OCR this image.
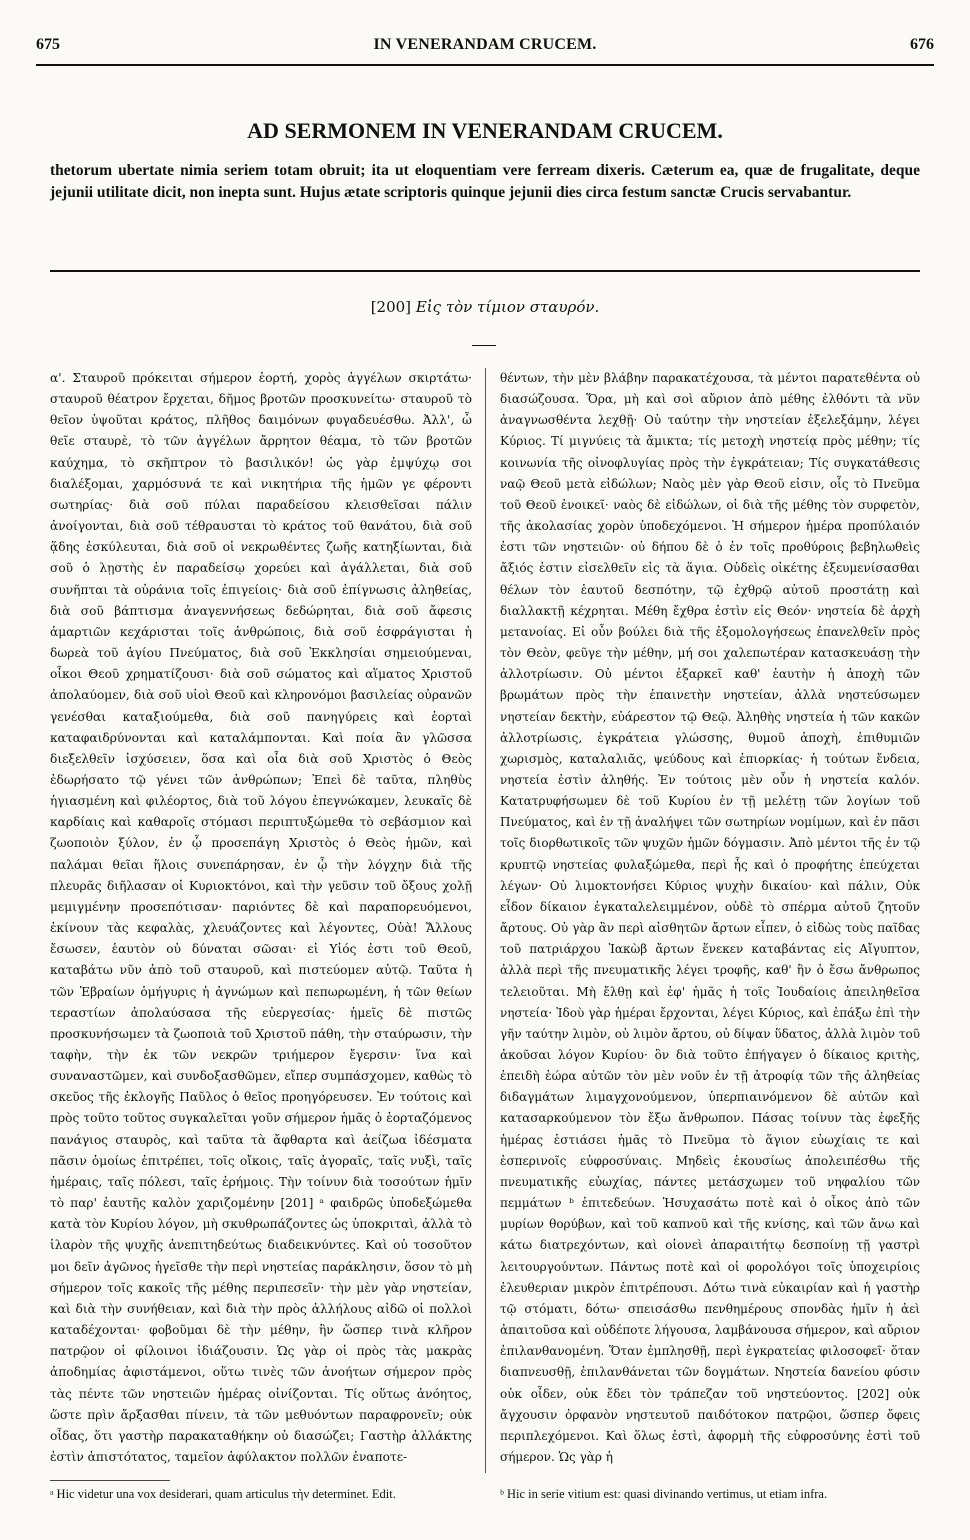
675	IN VENERANDAM CRUCEM.	676
AD SERMONEM IN VENERANDAM CRUCEM.
thetorum ubertate nimia seriem totam obruit; ita ut eloquentiam vere ferream dixeris. Cæterum ea, quæ de frugalitate, deque jejunii utilitate dicit, non inepta sunt. Hujus ætate scriptoris quinque jejunii dies circa festum sanctæ Crucis servabantur.
[200] Εἰς τὸν τίμιον σταυρόν.

α'. Σταυροῦ πρόκειται σήμερον ἑορτή, χορὸς ἀγγέλων σκιρτάτω· σταυροῦ θέατρον ἔρχεται, δῆμος βροτῶν προσκυνείτω· σταυροῦ τὸ θεῖον ὑψοῦται κράτος, πλῆθος δαιμόνων φυγαδευέσθω. Ἀλλ', ὦ θεῖε σταυρὲ, τὸ τῶν ἀγγέλων ἄρρητον θέαμα, τὸ τῶν βροτῶν καύχημα, τὸ σκῆπτρον τὸ βασιλικόν! ὡς γὰρ ἐμψύχῳ σοι διαλέξομαι, χαρμόσυνά τε καὶ νικητήρια τῆς ἡμῶν γε φέροντι σωτηρίας· διὰ σοῦ πύλαι παραδείσου κλεισθεῖσαι πάλιν ἀνοίγονται, διὰ σοῦ τέθραυσται τὸ κράτος τοῦ θανάτου, διὰ σοῦ ᾅδης ἐσκύλευται, διὰ σοῦ οἱ νεκρωθέντες ζωῆς κατηξίωνται, διὰ σοῦ ὁ λῃστὴς ἐν παραδείσῳ χορεύει καὶ ἀγάλλεται, διὰ σοῦ συνῆπται τὰ οὐράνια τοῖς ἐπιγείοις· διὰ σοῦ ἐπίγνωσις ἀληθείας, διὰ σοῦ βάπτισμα ἀναγεννήσεως δεδώρηται, διὰ σοῦ ἄφεσις ἁμαρτιῶν κεχάρισται τοῖς ἀνθρώποις, διὰ σοῦ ἐσφράγισται ἡ δωρεὰ τοῦ ἁγίου Πνεύματος, διὰ σοῦ Ἐκκλησίαι σημειούμεναι, οἶκοι Θεοῦ χρηματίζουσι· διὰ σοῦ σώματος καὶ αἵματος Χριστοῦ ἀπολαύομεν, διὰ σοῦ υἱοὶ Θεοῦ καὶ κληρονόμοι βασιλείας οὐρανῶν γενέσθαι καταξιούμεθα, διὰ σοῦ πανηγύρεις καὶ ἑορταὶ καταφαιδρύνονται καὶ καταλάμπονται. Καὶ ποία ἂν γλῶσσα διεξελθεῖν ἰσχύσειεν, ὅσα καὶ οἷα διὰ σοῦ Χριστὸς ὁ Θεὸς ἐδωρήσατο τῷ γένει τῶν ἀνθρώπων; Ἐπεὶ δὲ ταῦτα, πληθὺς ἡγιασμένη καὶ φιλέορτος, διὰ τοῦ λόγου ἐπεγνώκαμεν, λευκαῖς δὲ καρδίαις καὶ καθαροῖς στόμασι περιπτυξώμεθα τὸ σεβάσμιον καὶ ζωοποιὸν ξύλον, ἐν ᾧ προσεπάγη Χριστὸς ὁ Θεὸς ἡμῶν, καὶ παλάμαι θεῖαι ἥλοις συνεπάρησαν, ἐν ᾧ τὴν λόγχην διὰ τῆς πλευρᾶς διῆλασαν οἱ Κυριοκτόνοι, καὶ τὴν γεῦσιν τοῦ ὄξους χολῇ μεμιγμένην προσεπότισαν· παριόντες δὲ καὶ παραπορευόμενοι, ἐκίνουν τὰς κεφαλὰς, χλευάζοντες καὶ λέγοντες, Οὐὰ! Ἄλλους ἔσωσεν, ἑαυτὸν οὐ δύναται σῶσαι· εἰ Υἱός ἐστι τοῦ Θεοῦ, καταβάτω νῦν ἀπὸ τοῦ σταυροῦ, καὶ πιστεύομεν αὐτῷ. Ταῦτα ἡ τῶν Ἑβραίων ὁμήγυρις ἡ ἀγνώμων καὶ πεπωρωμένη, ἡ τῶν θείων τεραστίων ἀπολαύσασα τῆς εὐεργεσίας· ἡμεῖς δὲ πιστῶς προσκυνήσωμεν τὰ ζωοποιὰ τοῦ Χριστοῦ πάθη, τὴν σταύρωσιν, τὴν ταφὴν, τὴν ἐκ τῶν νεκρῶν τριήμερον ἔγερσιν· ἵνα καὶ συναναστῶμεν, καὶ συνδοξασθῶμεν, εἴπερ συμπάσχομεν, καθὼς τὸ σκεῦος τῆς ἐκλογῆς Παῦλος ὁ θεῖος προηγόρευσεν. Ἐν τούτοις καὶ πρὸς τοῦτο τοῦτος συγκαλεῖται γοῦν σήμερον ἡμᾶς ὁ ἑορταζόμενος πανάγιος σταυρὸς, καὶ ταῦτα τὰ ἄφθαρτα καὶ ἀείζωα ἰδέσματα πᾶσιν ὁμοίως ἐπιτρέπει, τοῖς οἴκοις, ταῖς ἀγοραῖς, ταῖς νυξὶ, ταῖς ἡμέραις, ταῖς πόλεσι, ταῖς ἐρήμοις. Τὴν τοίνυν διὰ τοσούτων ἡμῖν τὸ παρ' ἑαυτῆς καλὸν χαριζομένην [201] ᵃ φαιδρῶς ὑποδεξώμεθα κατὰ τὸν Κυρίου λόγον, μὴ σκυθρωπάζοντες ὡς ὑποκριταὶ, ἀλλὰ τὸ ἱλαρὸν τῆς ψυχῆς ἀνεπιτηδεύτως διαδεικνύντες. Καὶ οὐ τοσοῦτον μοι δεῖν ἀγῶνος ἡγεῖσθε τὴν περὶ νηστείας παράκλησιν, ὅσον τὸ μὴ σήμερον τοῖς κακοῖς τῆς μέθης περιπεσεῖν· τὴν μὲν γὰρ νηστείαν, καὶ διὰ τὴν συνήθειαν, καὶ διὰ τὴν πρὸς ἀλλήλους αἰδῶ οἱ πολλοὶ καταδέχονται· φοβοῦμαι δὲ τὴν μέθην, ἣν ὥσπερ τινὰ κλῆρον πατρῷον οἱ φίλοινοι ἰδιάζουσιν. Ὡς γὰρ οἱ πρὸς τὰς μακρὰς ἀποδημίας ἀφιστάμενοι, οὕτω τινὲς τῶν ἀνοήτων σήμερον πρὸς τὰς πέντε τῶν νηστειῶν ἡμέρας οἰνίζονται. Τίς οὕτως ἀνόητος, ὥστε πρὶν ἄρξασθαι πίνειν, τὰ τῶν μεθυόντων παραφρονεῖν; οὐκ οἶδας, ὅτι γαστὴρ παρακαταθήκην οὐ διασώζει; Γαστὴρ ἀλλάκτης ἐστὶν ἀπιστότατος, ταμεῖον ἀφύλακτον πολλῶν ἐναποτε-

θέντων, τὴν μὲν βλάβην παρακατέχουσα, τὰ μέντοι παρατεθέντα οὐ διασώζουσα. Ὅρα, μὴ καὶ σοὶ αὔριον ἀπὸ μέθης ἐλθόντι τὰ νῦν ἀναγνωσθέντα λεχθῇ· Οὐ ταύτην τὴν νηστείαν ἐξελεξάμην, λέγει Κύριος. Τί μιγνύεις τὰ ἄμικτα; τίς μετοχὴ νηστείᾳ πρὸς μέθην; τίς κοινωνία τῆς οἰνοφλυγίας πρὸς τὴν ἐγκράτειαν; Τίς συγκατάθεσις ναῷ Θεοῦ μετὰ εἰδώλων; Ναὸς μὲν γὰρ Θεοῦ εἰσιν, οἷς τὸ Πνεῦμα τοῦ Θεοῦ ἐνοικεῖ· ναὸς δὲ εἰδώλων, οἱ διὰ τῆς μέθης τὸν συρφετὸν, τῆς ἀκολασίας χορὸν ὑποδεχόμενοι. Ἡ σήμερον ἡμέρα προπύλαιόν ἐστι τῶν νηστειῶν· οὐ δήπου δὲ ὁ ἐν τοῖς προθύροις βεβηλωθεὶς ἄξιός ἐστιν εἰσελθεῖν εἰς τὰ ἅγια. Οὐδεὶς οἰκέτης ἐξευμενίσασθαι θέλων τὸν ἑαυτοῦ δεσπότην, τῷ ἐχθρῷ αὐτοῦ προστάτῃ καὶ διαλλακτῇ κέχρηται. Μέθη ἔχθρα ἐστὶν εἰς Θεόν· νηστεία δὲ ἀρχὴ μετανοίας. Εἰ οὖν βούλει διὰ τῆς ἐξομολογήσεως ἐπανελθεῖν πρὸς τὸν Θεὸν, φεῦγε τὴν μέθην, μή σοι χαλεπωτέραν κατασκευάσῃ τὴν ἀλλοτρίωσιν. Οὐ μέντοι ἐξαρκεῖ καθ' ἑαυτὴν ἡ ἀποχὴ τῶν βρωμάτων πρὸς τὴν ἐπαινετὴν νηστείαν, ἀλλὰ νηστεύσωμεν νηστείαν δεκτὴν, εὐάρεστον τῷ Θεῷ. Ἀληθὴς νηστεία ἡ τῶν κακῶν ἀλλοτρίωσις, ἐγκράτεια γλώσσης, θυμοῦ ἀποχὴ, ἐπιθυμιῶν χωρισμὸς, καταλαλιᾶς, ψεύδους καὶ ἐπιορκίας· ἡ τούτων ἔνδεια, νηστεία ἐστὶν ἀληθής. Ἐν τούτοις μὲν οὖν ἡ νηστεία καλόν. Κατατρυφήσωμεν δὲ τοῦ Κυρίου ἐν τῇ μελέτῃ τῶν λογίων τοῦ Πνεύματος, καὶ ἐν τῇ ἀναλήψει τῶν σωτηρίων νομίμων, καὶ ἐν πᾶσι τοῖς διορθωτικοῖς τῶν ψυχῶν ἡμῶν δόγμασιν. Ἀπὸ μέντοι τῆς ἐν τῷ κρυπτῷ νηστείας φυλαξώμεθα, περὶ ἧς καὶ ὁ προφήτης ἐπεύχεται λέγων· Οὐ λιμοκτονήσει Κύριος ψυχὴν δικαίου· καὶ πάλιν, Οὐκ εἶδον δίκαιον ἐγκαταλελειμμένον, οὐδὲ τὸ σπέρμα αὐτοῦ ζητοῦν ἄρτους. Οὐ γὰρ ἂν περὶ αἰσθητῶν ἄρτων εἶπεν, ὁ εἰδὼς τοὺς παῖδας τοῦ πατριάρχου Ἰακὼβ ἄρτων ἕνεκεν καταβάντας εἰς Αἴγυπτον, ἀλλὰ περὶ τῆς πνευματικῆς λέγει τροφῆς, καθ' ἣν ὁ ἔσω ἄνθρωπος τελειοῦται. Μὴ ἔλθῃ καὶ ἐφ' ἡμᾶς ἡ τοῖς Ἰουδαίοις ἀπειληθεῖσα νηστεία· Ἰδοὺ γὰρ ἡμέραι ἔρχονται, λέγει Κύριος, καὶ ἐπάξω ἐπὶ τὴν γῆν ταύτην λιμὸν, οὐ λιμὸν ἄρτου, οὐ δίψαν ὕδατος, ἀλλὰ λιμὸν τοῦ ἀκοῦσαι λόγον Κυρίου· ὃν διὰ τοῦτο ἐπήγαγεν ὁ δίκαιος κριτὴς, ἐπειδὴ ἑώρα αὐτῶν τὸν μὲν νοῦν ἐν τῇ ἀτροφίᾳ τῶν τῆς ἀληθείας διδαγμάτων λιμαγχονούμενον, ὑπερπιαινόμενον δὲ αὐτῶν καὶ κατασαρκούμενον τὸν ἔξω ἄνθρωπον. Πάσας τοίνυν τὰς ἐφεξῆς ἡμέρας ἑστιάσει ἡμᾶς τὸ Πνεῦμα τὸ ἅγιον εὐωχίαις τε καὶ ἑσπερινοῖς εὐφροσύναις. Μηδεὶς ἑκουσίως ἀπολειπέσθω τῆς πνευματικῆς εὐωχίας, πάντες μετάσχωμεν τοῦ νηφαλίου τῶν πεμμάτων ᵇ ἐπιτεδεύων. Ἡσυχασάτω ποτὲ καὶ ὁ οἶκος ἀπὸ τῶν μυρίων θορύβων, καὶ τοῦ καπνοῦ καὶ τῆς κνίσης, καὶ τῶν ἄνω καὶ κάτω διατρεχόντων, καὶ οἱονεὶ ἀπαραιτήτῳ δεσποίνῃ τῇ γαστρὶ λειτουργούντων. Πάντως ποτὲ καὶ οἱ φορολόγοι τοῖς ὑποχειρίοις ἐλευθεριαν μικρὸν ἐπιτρέπουσι. Δότω τινὰ εὐκαιρίαν καὶ ἡ γαστὴρ τῷ στόματι, δότω· σπεισάσθω πενθημέρους σπονδὰς ἡμῖν ἡ ἀεὶ ἀπαιτοῦσα καὶ οὐδέποτε λήγουσα, λαμβάνουσα σήμερον, καὶ αὔριον ἐπιλανθανομένη. Ὅταν ἐμπλησθῇ, περὶ ἐγκρατείας φιλοσοφεῖ· ὅταν διαπνευσθῇ, ἐπιλανθάνεται τῶν δογμάτων. Νηστεία δανείου φύσιν οὐκ οἶδεν, οὐκ ἔδει τὸν τράπεζαν τοῦ νηστεύοντος. [202] οὐκ ἄγχουσιν ὀρφανὸν νηστευτοῦ παιδότοκον πατρῷοι, ὥσπερ ὄφεις περιπλεχόμενοι. Καὶ ὅλως ἐστὶ, ἀφορμὴ τῆς εὐφροσύνης ἐστὶ τοῦ σήμερον. Ὡς γὰρ ἡ

ᵃ Hic videtur una vox desiderari, quam articulus τὴν determinet. Edit.	ᵇ Hic in serie vitium est: quasi divinando vertimus, ut etiam infra.
